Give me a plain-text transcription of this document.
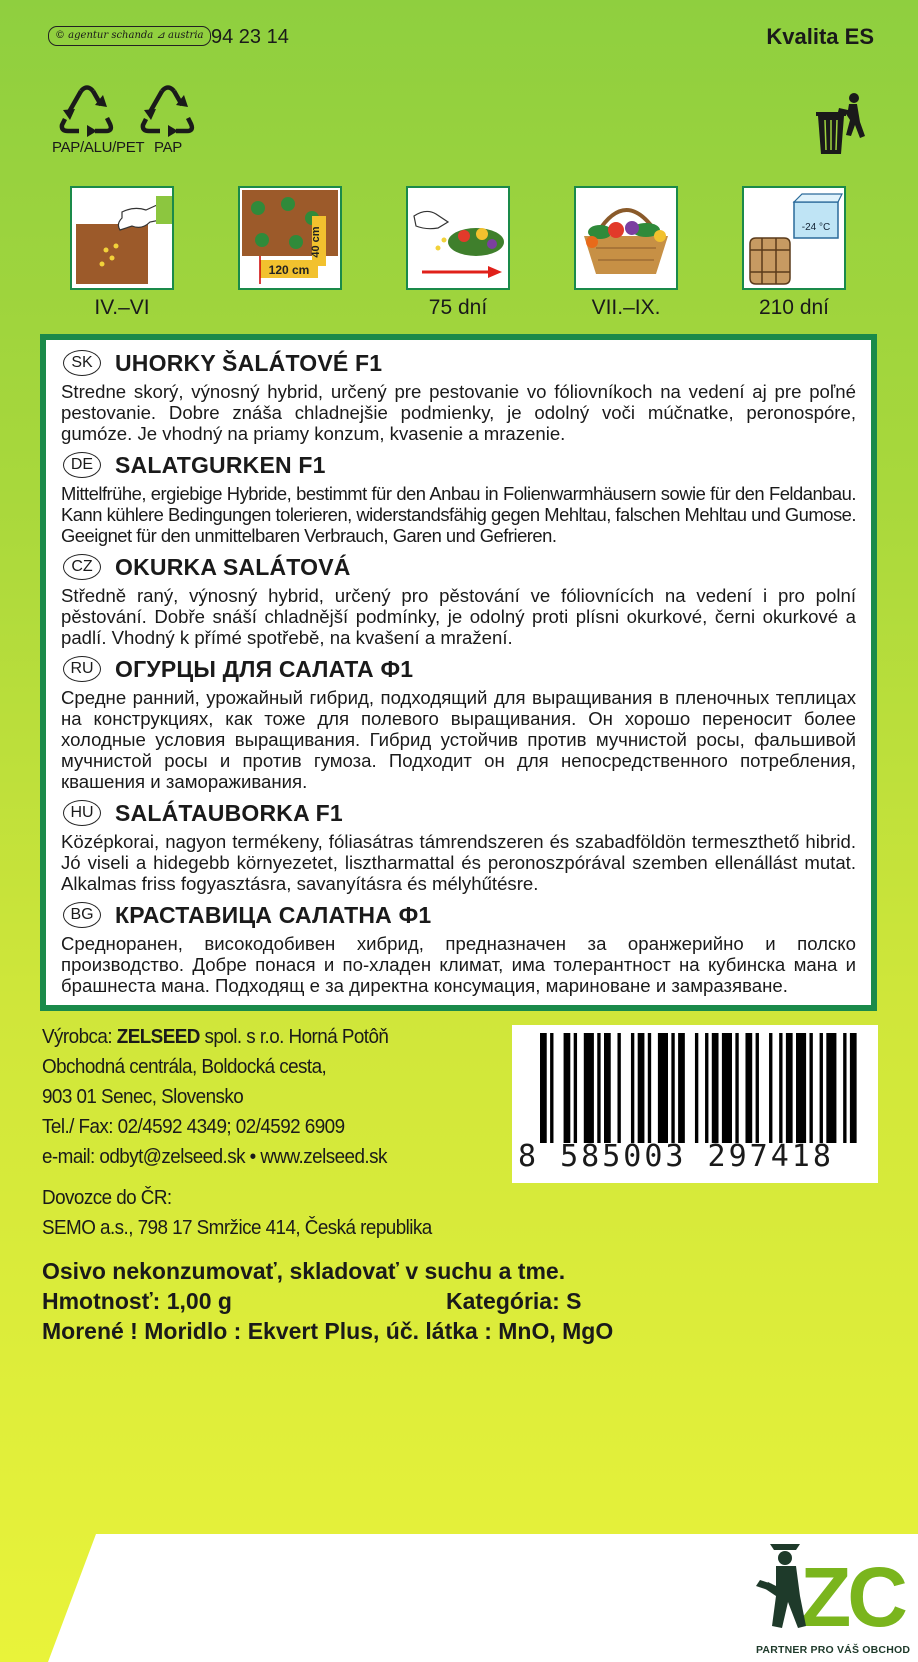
© agentur schanda ⊿ austria 94 23 14	Kvalita ES
PAP/ALU/PET PAP
40 cm
120 cm
-24 °C
IV.–VI	75 dní	VII.–IX.	210 dní
SK UHORKY ŠALÁTOVÉ F1

Stredne skorý, výnosný hybrid, určený pre pestovanie vo fóliovníkoch na vedení aj pre poľné pestovanie. Dobre znáša chladnejšie podmienky, je odolný voči múčnatke, peronospóre, gumóze. Je vhodný na priamy konzum, kvasenie a mrazenie.

DE SALATGURKEN F1

Mittelfrühe, ergiebige Hybride, bestimmt für den Anbau in Folienwarmhäusern sowie für den Feldanbau. Kann kühlere Bedingungen tolerieren, widerstandsfähig gegen Mehltau, falschen Mehltau und Gumose. Geeignet für den unmittelbaren Verbrauch, Garen und Gefrieren.

CZ OKURKA SALÁTOVÁ

Středně raný, výnosný hybrid, určený pro pěstování ve fóliovnících na vedení i pro polní pěstování. Dobře snáší chladnější podmínky, je odolný proti plísni okurkové, černi okurkové a padlí. Vhodný k přímé spotřebě, na kvašení a mražení.

RU ОГУРЦЫ ДЛЯ САЛАТА Ф1

Средне ранний, урожайный гибрид, подходящий для выращивания в пленочных теплицах на конструкциях, как тоже для полевого выращивания. Он хорошо переносит более холодные условия выращивания. Гибрид устойчив против мучнистой росы, фальшивой мучнистой росы и против гумоза. Подходит он для непосредственного потребления, квашения и замораживания.

HU SALÁTAUBORKA F1

Középkorai, nagyon termékeny, fóliasátras támrendszeren és szabadföldön termeszthető hibrid. Jó viseli a hidegebb környezetet, lisztharmattal és peronoszpórával szemben ellenállást mutat. Alkalmas friss fogyasztásra, savanyításra és mélyhűtésre.

BG КРАСТАВИЦА САЛАТНА Ф1

Средноранен, високодобивен хибрид, предназначен за оранжерийно и полско производство. Добре понася и по-хладен климат, има толерантност на кубинска мана и брашнеста мана. Подходящ е за директна консумация, мариноване и замразяване.

Výrobca: ZELSEED spol. s r.o. Horná Potôň
Obchodná centrála, Boldocká cesta,
903 01 Senec, Slovensko
Tel./ Fax: 02/4592 4349; 02/4592 6909
e-mail: odbyt@zelseed.sk • www.zelseed.sk	8 585003 297418
Dovozce do ČR:
SEMO a.s., 798 17 Smržice 414, Česká republika
Osivo nekonzumovať, skladovať v suchu a tme.
Hmotnosť: 1,00 g	Kategória: S
Morené ! Moridlo : Ekvert Plus, úč. látka : MnO, MgO
ZC
PARTNER PRO VÁŠ OBCHOD
